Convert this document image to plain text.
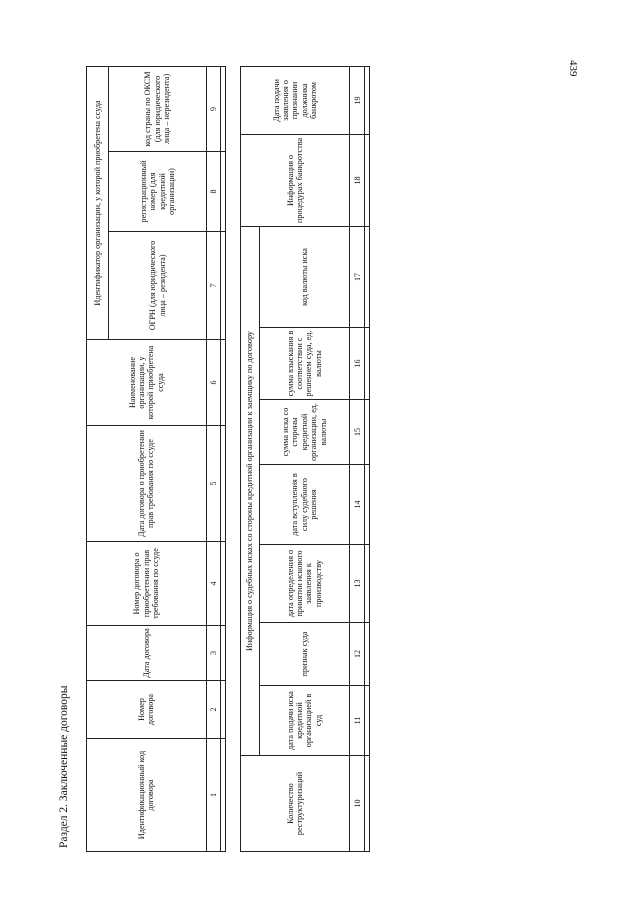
439
Раздел 2. Заключенные договоры	Идентификационный код договора	Номер договора	Дата договора	Номер договора о приобретении прав требования по ссуде	Дата договора о приобретении прав требования по ссуде	Наименование организации, у которой приобретена ссуда	Идентификатор организации, у которой приобретена ссуда		
						ОГРН (для юридического лица – резидента)	регистрационный номер (для кредитной организации)	код страны по ОКСМ (для юридического лица – нерезидента)
1	2	3	4	5	6	7	8	9

Количество реструктуризаций	Информация о судебных исках со стороны кредитной организации к заемщику по договору							Информация о процедурах банкротства	Дата подачи заявления о признании должника банкротом
	дата подачи иска кредитной организацией в суд	признак суда	дата определения о принятии искового заявления к производству	дата вступления в силу судебного решения	сумма иска со стороны кредитной организации, ед. валюты	сумма взыскания в соответствии с решением суда, ед. валюты	код валюты иска		
10	11	12	13	14	15	16	17	18	19
